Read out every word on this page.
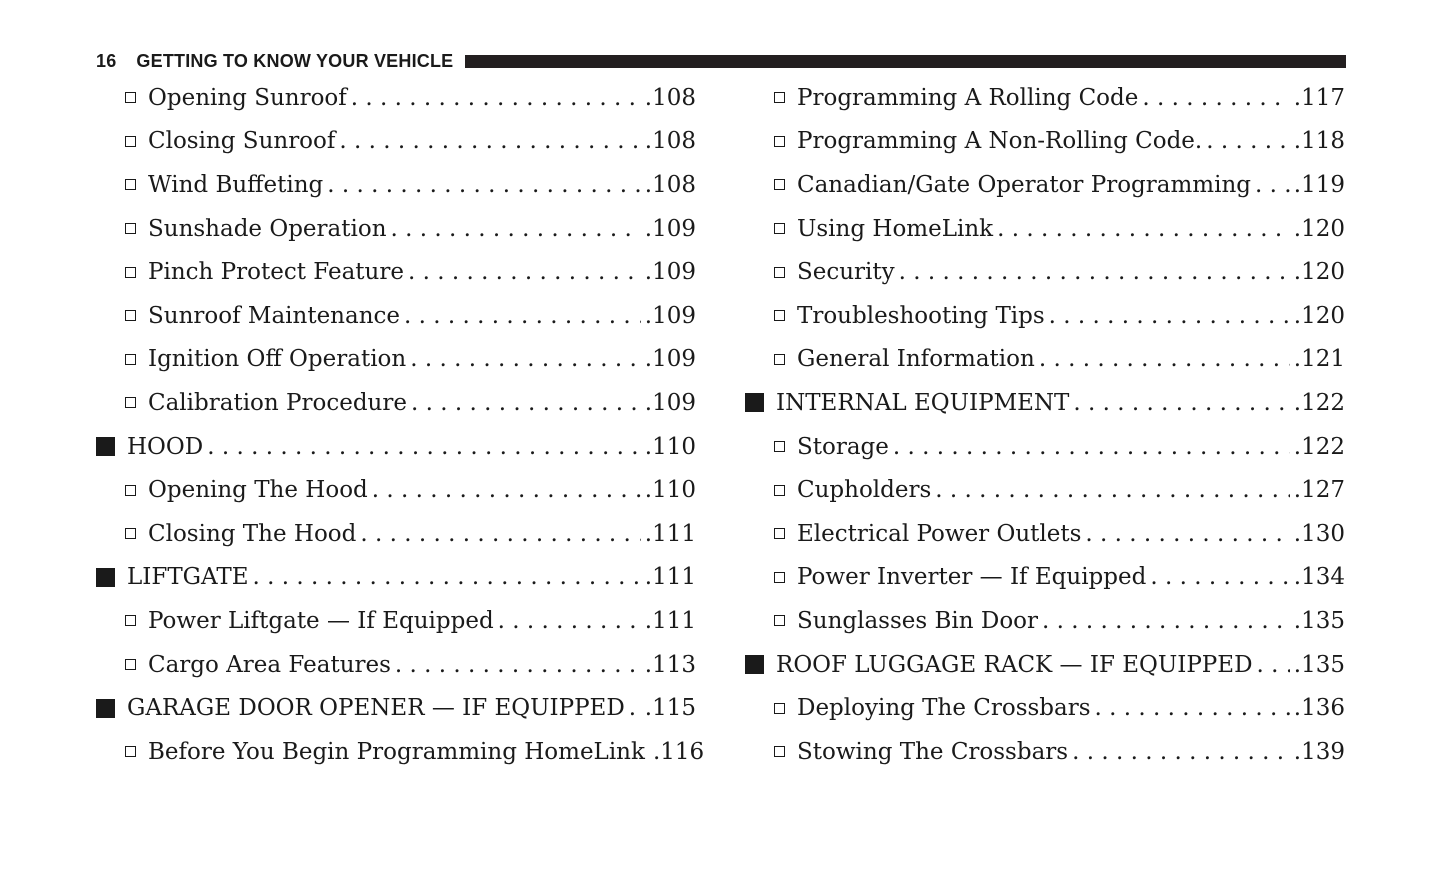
16 GETTING TO KNOW YOUR VEHICLE
Opening Sunroof . . .	. 108
Closing Sunroof . . .	. 108
Wind Buffeting . . .	. 108
Sunshade Operation . . .	. 109
Pinch Protect Feature . . .	. 109
Sunroof Maintenance . . .	. 109
Ignition Off Operation . . .	. 109
Calibration Procedure . . .	. 109
HOOD . . .	. 110
Opening The Hood . . .	. 110
Closing The Hood . . .	. 111
LIFTGATE . . .	. 111
Power Liftgate — If Equipped . . .	. 111
Cargo Area Features . . .	. 113
GARAGE DOOR OPENER — IF EQUIPPED . . .	. 115
Before You Begin Programming HomeLink . 116
Programming A Rolling Code . . .	. 117
Programming A Non-Rolling Code. . . .	. 118
Canadian/Gate Operator Programming . . .	. 119
Using HomeLink . . .	. 120
Security . . .	. 120
Troubleshooting Tips . . .	. 120
General Information . . .	. 121
INTERNAL EQUIPMENT . . .	. 122
Storage . . .	. 122
Cupholders . . .	. 127
Electrical Power Outlets . . .	. 130
Power Inverter — If Equipped . . .	. 134
Sunglasses Bin Door . . .	. 135
ROOF LUGGAGE RACK — IF EQUIPPED . . .	. 135
Deploying The Crossbars . . .	. 136
Stowing The Crossbars . . .	. 139
